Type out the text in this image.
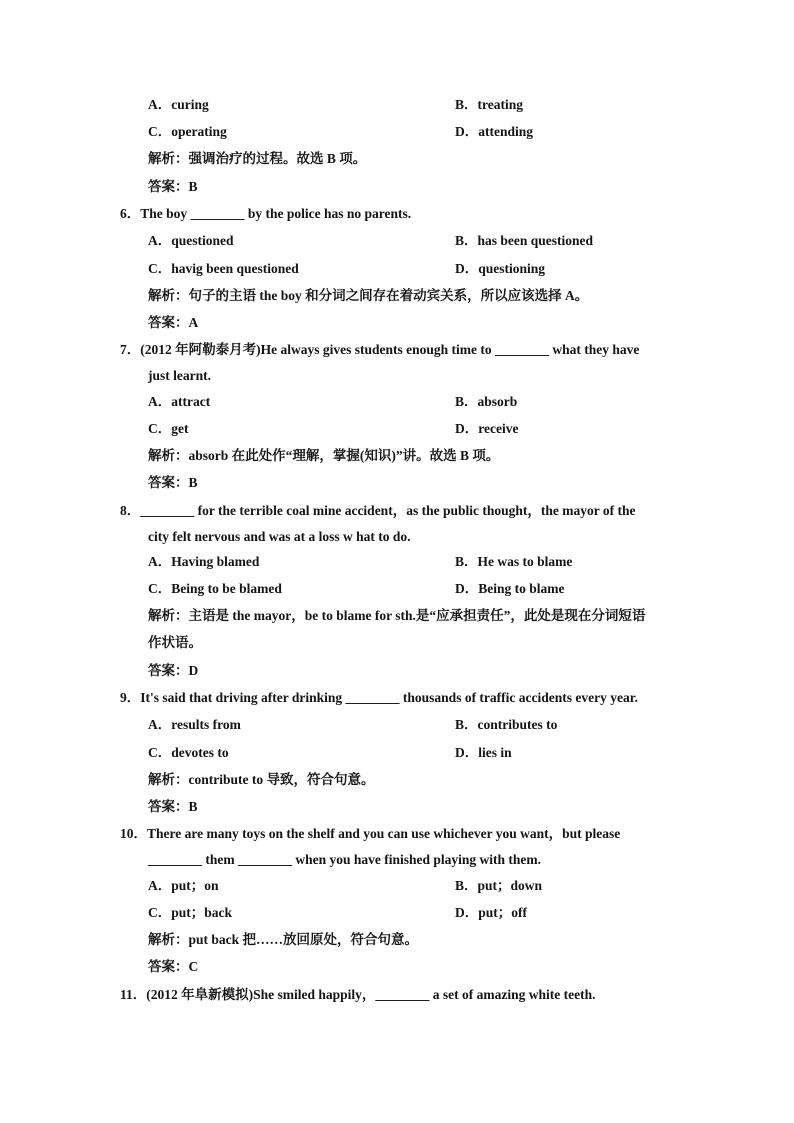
A．curing	B．treating
C．operating	D．attending
解析：强调治疗的过程。故选 B 项。
答案：B
6．The boy ________ by the police has no parents.
A．questioned	B．has been questioned
C．havig been questioned	D．questioning
解析：句子的主语 the boy 和分词之间存在着动宾关系，所以应该选择 A。
答案：A
7．(2012 年阿勒泰月考)He always gives students enough time to ________ what they have
just learnt.
A．attract	B．absorb
C．get	D．receive
解析：absorb 在此处作“理解，掌握(知识)”讲。故选 B 项。
答案：B
8．________ for the terrible coal mine accident，as the public thought，the mayor of the
city felt nervous and was at a loss w hat to do.
A．Having blamed	B．He was to blame
C．Being to be blamed	D．Being to blame
解析：主语是 the mayor，be to blame for sth.是“应承担责任”，此处是现在分词短语
作状语。
答案：D
9．It's said that driving after drinking ________ thousands of traffic accidents every year.
A．results from	B．contributes to
C．devotes to	D．lies in
解析：contribute to 导致，符合句意。
答案：B
10．There are many toys on the shelf and you can use whichever you want，but please
________ them ________ when you have finished playing with them.
A．put；on	B．put；down
C．put；back	D．put；off
解析：put back 把……放回原处，符合句意。
答案：C
11．(2012 年阜新模拟)She smiled happily，________ a set of amazing white teeth.
